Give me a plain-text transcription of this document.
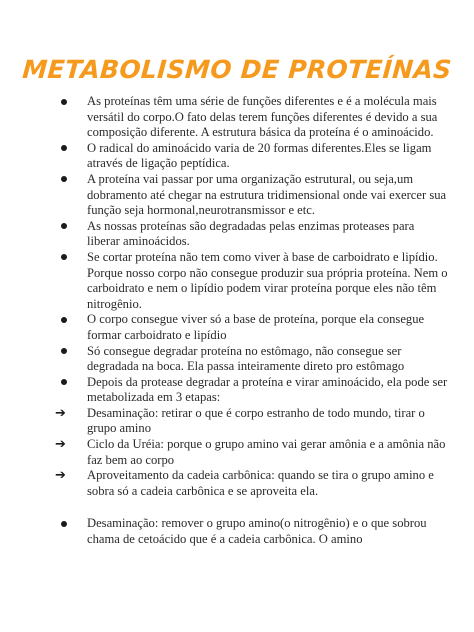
METABOLISMO DE PROTEÍNAS
As proteínas têm uma série de funções diferentes e é a molécula mais versátil do corpo.O fato delas terem funções diferentes é devido a sua composição diferente. A estrutura básica da proteína é o aminoácido.
O radical do aminoácido varia de 20 formas diferentes.Eles se ligam através de ligação peptídica.
A proteína vai passar por uma organização estrutural, ou seja,um dobramento até chegar na estrutura tridimensional onde vai exercer sua função seja hormonal,neurotransmissor e etc.
As nossas proteínas são degradadas pelas enzimas proteases para liberar aminoácidos.
Se cortar proteína não tem como viver à base de carboidrato e lipídio. Porque nosso corpo não consegue produzir sua própria proteína. Nem o carboidrato e nem o lipídio podem virar proteína porque eles não têm nitrogênio.
O corpo consegue viver só a base de proteína, porque ela consegue formar carboidrato e lipídio
Só consegue degradar proteína no estômago, não consegue ser degradada na boca. Ela passa inteiramente direto pro estômago
Depois da protease degradar a proteína e virar aminoácido, ela pode ser metabolizada em 3 etapas:
➔ Desaminação: retirar o que é corpo estranho de todo mundo, tirar o grupo amino
➔ Ciclo da Uréia: porque o grupo amino vai gerar amônia e a amônia não faz bem ao corpo
➔ Aproveitamento da cadeia carbônica: quando se tira o grupo amino e sobra só a cadeia carbônica e se aproveita ela.
Desaminação: remover o grupo amino(o nitrogênio) e o que sobrou chama de cetoácido que é a cadeia carbônica. O amino
